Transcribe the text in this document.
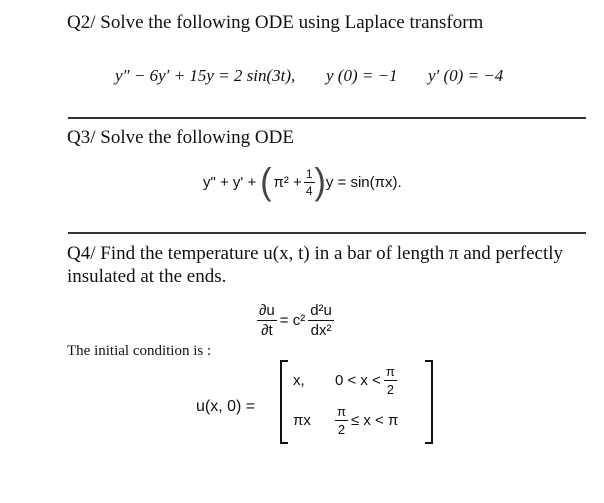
Q2/ Solve the following ODE using Laplace transform
y″ − 6y′ + 15y = 2 sin(3t), y (0) = −1 y′ (0) = −4
Q3/ Solve the following ODE
y" + y' + ( $\pi^2 + \frac{1}{4}$ ) y = sin(πx).
Q4/ Find the temperature u(x, t) in a bar of length π and perfectly
insulated at the ends.
$\frac{\partial u}{\partial t} = c^2 \frac{\text{d²u}}{\text{dx²}}$
The initial condition is :
u(x, 0) =
x,	$0 < x < \frac{\pi}{2}$
πx	$\frac{\pi}{2} \le x < \pi$
